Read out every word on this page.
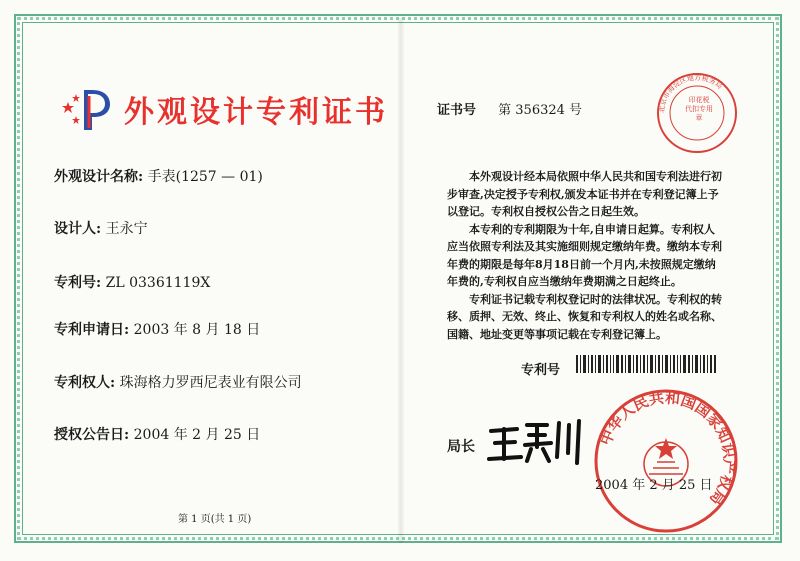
外观设计专利证书
外观设计名称: 手表(1257 — 01)
设计人: 王永宁
专利号: ZL 03361119X
专利申请日: 2003 年 8 月 18 日
专利权人: 珠海格力罗西尼表业有限公司
授权公告日: 2004 年 2 月 25 日
第 1 页(共 1 页)
证书号 第 356324 号	北京市海淀区地方税务局
印花税 代扣专用章

本外观设计经本局依照中华人民共和国专利法进行初步审查,决定授予专利权,颁发本证书并在专利登记簿上予以登记。专利权自授权公告之日起生效。

本专利的专利期限为十年,自申请日起算。专利权人应当依照专利法及其实施细则规定缴纳年费。缴纳本专利年费的期限是每年8月18日前一个月内,未按照规定缴纳年费的,专利权自应当缴纳年费期满之日起终止。

专利证书记载专利权登记时的法律状况。专利权的转移、质押、无效、终止、恢复和专利权人的姓名或名称、国籍、地址变更等事项记载在专利登记簿上。

专利号
中华人民共和国国家知识产权局
局长
2004 年 2 月 25 日
